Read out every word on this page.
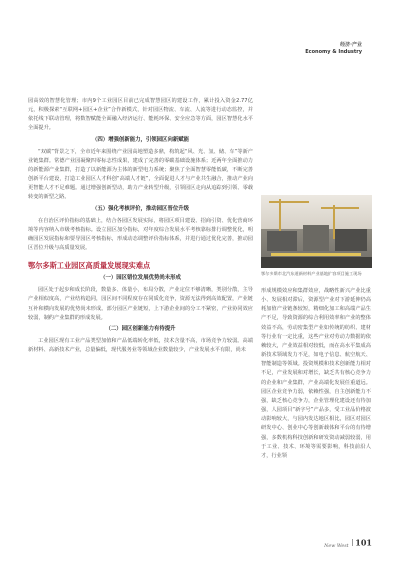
经济·产业
Economy & Industry

园高效的智慧化管理；市内9个工业园区目前已完成智慧园区的建设工作，累计投入资金2.77亿元，积极探索“互联网+园区+企业”合作新模式，针对园区物流、车流、人流等进行动态监控，并依托线下联动管理，将数智赋能全面融入经济运行、能耗环保、安全应急等方面，园区智慧化水平全面提升。

（四）增强创新能力，引领园区向新赋能

“双碳”背景之下，全市近年来围绕产业园高地塑造多鼎，构筑起“风、光、氢、储、车”等新产业链集群。常德产业园凝聚四零标志性成果，建成了完善的零碳基础设施体系；近两年全面推动力的新能源产业集群，打造了以新能源为主体的新型电力系统；聚焦了全面智慧零能低碳，不断完善创新平台建设，打造工业园区人才科创“高端人才链”，全面促进人才与产业共生融合，推动产业向更智能人才不足难题。通过增强创新型动，助力产业转型升级，引领园区走向从追踪到引领、零载转变的新型之路。

（五）强化考核评价，推动园区晋位升级

在自治区评价指标的基础上，结合各园区发展实际，将园区项目建设、招商引资、优化营商环境等内容纳入市级考核指标。设立园区加分指标，对年度综合发展水平考核靠标排行调整优化，明确园区发展指标和要导园区考核指标，形成动态调整评价指标体系，并进行通过优化完善，推动园区晋位升级与高质量发展。

鄂尔多斯工业园区高质量发展现实难点
（一）园区错位发展优势尚未形成

园区处于起步和成长阶段，数量多、体量小，布局分散，产业定位不够清晰，类别分散，主导产业相似度高，产业结构趋同，园区间不同程度存在同质化竞争，资源无法得到高效配置，产业链互补和横向发展的优势尚未形成。部分园区产业链短，上下游企业间的分工不紧密，产业协同效应较弱，制约产业集群的形成发展。

（二）园区创新能力有待提升

工业园区现有工业产品类型加值和产品低端转化率低，技术含量不高，市场竞争力较弱。高端新材料、高新技术产业，总量偏低，现代服务业等领域企业数量较少，产业发展水平有限，尚未

鄂尔多斯市北汽东道新材料产业基地扩容项目施工现场

形成规模效应和集群效应，战略性新兴产业比重小、发展相对滞后，资源型产业对下游延伸仍高耗加值产业链条较短，精细化加工和高端产品生产不足，导致资源的综合利用效率和产业的整体效益不高，劳动密集型产业如传统的纺织、建材等行业有一定比重，这些产业对劳动力数据的依赖较大，产业效益相对较低，而在高水平集成高新技术领域发力不足，如电子信息、航空航天、智能制造等领域。投资规模和技术创新能力相对不足，产业发展和对增长，缺乏共有核心竞争力的企业和产业集群，产业高端化发展任重道远。园区企业竞争力弱，依赖性强，自主创新能力不强，缺乏核心竞争力，企业管理化建设还有待加强，人园项目“新字号”产品多，受工业品价格波动影响较大，与园内发达地区相比，园区对园区研发中心、创业中心等创新载体和平台的有待增强，多数机构科技创新和研发资动减弱较弱，用于工业、技术、环境等需要影响，科技前沿人才，行业领

New West 101
